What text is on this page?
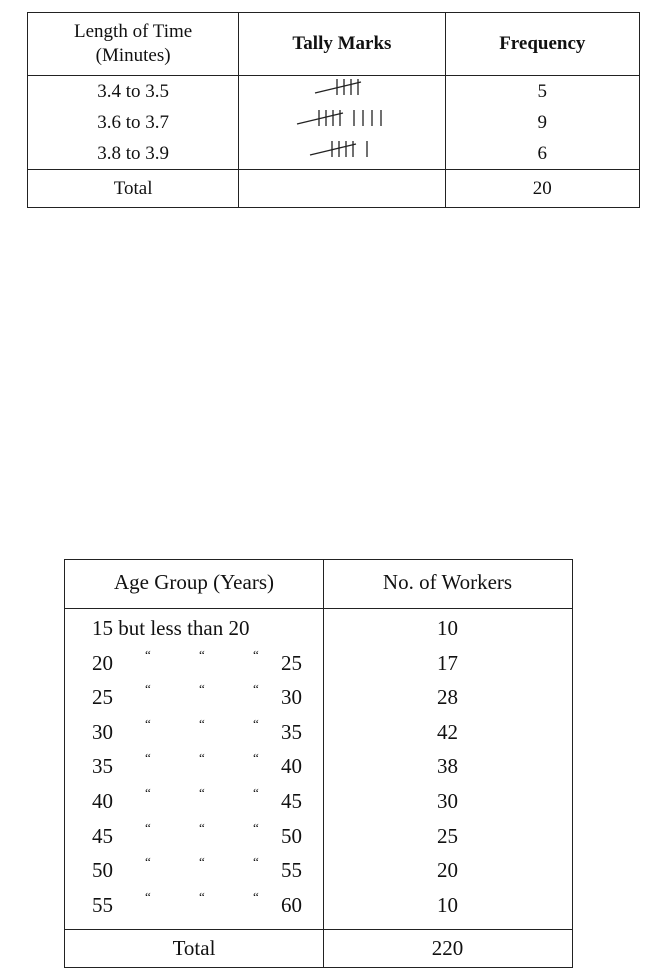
Length of Time
(Minutes)	Tally Marks	Frequency
3.4 to 3.5		5
3.6 to 3.7		9
3.8 to 3.9		6
Total		20
Age Group (Years)	No. of Workers
15 but less than 20	10
20 “	“	“ 25	17
25 “	“	“ 30	28
30 “	“	“ 35	42
35 “	“	“ 40	38
40 “	“	“ 45	30
45 “	“	“ 50	25
50 “	“	“ 55	20
55 “	“	“ 60	10
Total	220
